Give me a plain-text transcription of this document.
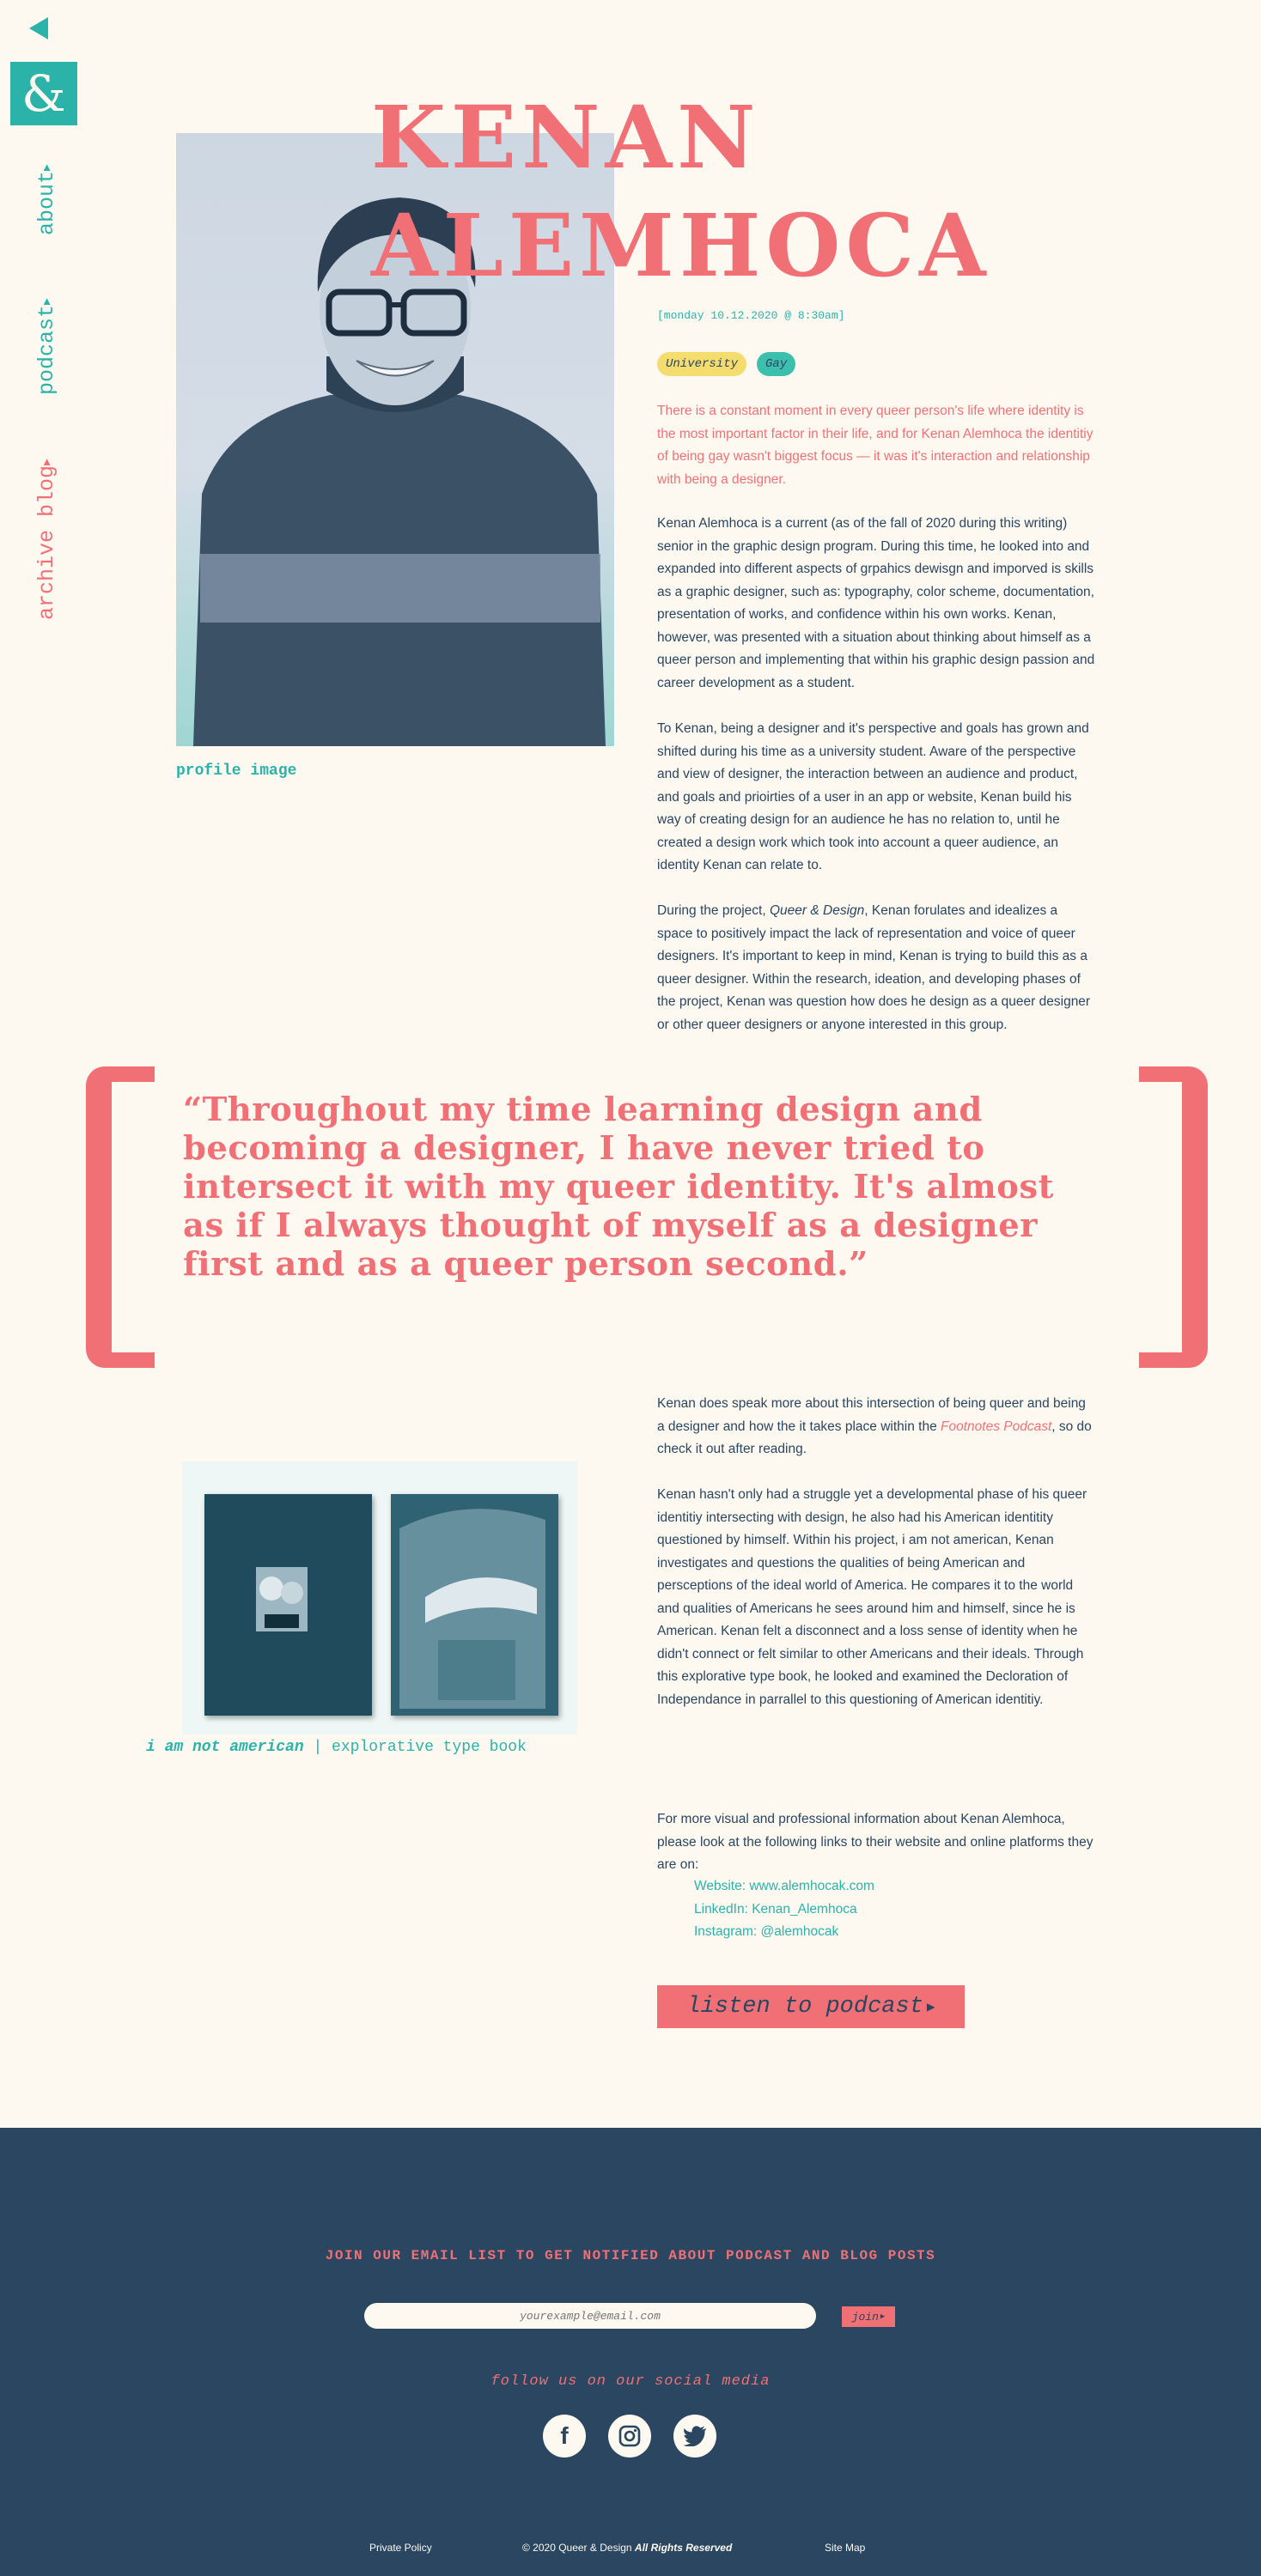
&
about▶
podcast▶
archive blog▶
KENAN
ALEMHOCA
profile image
[monday 10.12.2020 @ 8:30am]
University	Gay
There is a constant moment in every queer person's life where identity is the most important factor in their life, and for Kenan Alemhoca the identitiy of being gay wasn't biggest focus — it was it's interaction and relationship with being a designer.
Kenan Alemhoca is a current (as of the fall of 2020 during this writing) senior in the graphic design program. During this time, he looked into and expanded into different aspects of grpahics dewisgn and imporved is skills as a graphic designer, such as: typography, color scheme, documentation, presentation of works, and confidence within his own works. Kenan, however, was presented with a situation about thinking about himself as a queer person and implementing that within his graphic design passion and career development as a student.
To Kenan, being a designer and it's perspective and goals has grown and shifted during his time as a university student. Aware of the perspective and view of designer, the interaction between an audience and product, and goals and prioirties of a user in an app or website, Kenan build his way of creating design for an audience he has no relation to, until he created a design work which took into account a queer audience, an identity Kenan can relate to.
During the project, Queer & Design, Kenan forulates and idealizes a space to positively impact the lack of representation and voice of queer designers. It's important to keep in mind, Kenan is trying to build this as a queer designer. Within the research, ideation, and developing phases of the project, Kenan was question how does he design as a queer designer or other queer designers or anyone interested in this group.
“Throughout my time learning design and becoming a designer, I have never tried to intersect it with my queer identity. It's almost as if I always thought of myself as a designer first and as a queer person second.”
i am not american | explorative type book
Kenan does speak more about this intersection of being queer and being a designer and how the it takes place within the Footnotes Podcast, so do check it out after reading.
Kenan hasn't only had a struggle yet a developmental phase of his queer identitiy intersecting with design, he also had his American identitity questioned by himself. Within his project, i am not american, Kenan investigates and questions the qualities of being American and persceptions of the ideal world of America. He compares it to the world and qualities of Americans he sees around him and himself, since he is American. Kenan felt a disconnect and a loss sense of identity when he didn't connect or felt similar to other Americans and their ideals. Through this explorative type book, he looked and examined the Decloration of Independance in parrallel to this questioning of American identitiy.
For more visual and professional information about Kenan Alemhoca, please look at the following links to their website and online platforms they are on:
Website: www.alemhocak.com
LinkedIn: Kenan_Alemhoca
Instagram: @alemhocak
listen to podcast ▶
JOIN OUR EMAIL LIST TO GET NOTIFIED ABOUT PODCAST AND BLOG POSTS
yourexample@email.com
join ▶
follow us on our social media
f
Private Policy	© 2020 Queer & Design All Rights Reserved	Site Map
